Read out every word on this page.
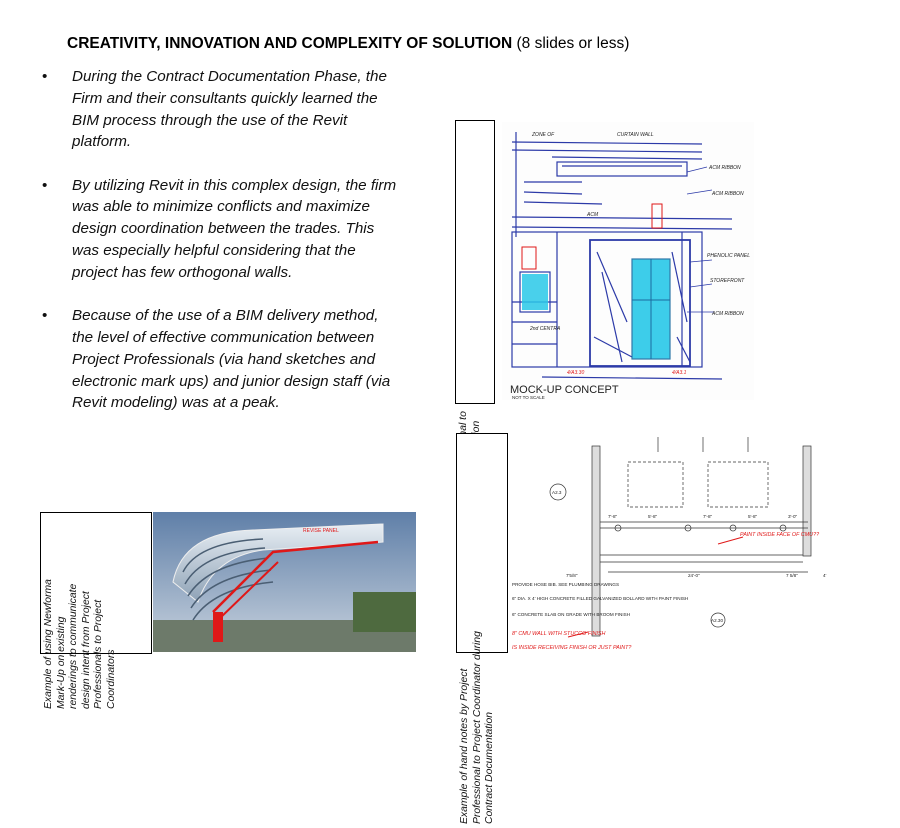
CREATIVITY, INNOVATION AND COMPLEXITY OF SOLUTION (8 slides or less)
• During the Contract Documentation Phase, the Firm and their consultants quickly learned the BIM process through the use of the Revit platform.
• By utilizing Revit in this complex design, the firm was able to minimize conflicts and maximize design coordination between the trades. This was especially helpful considering that the project has few orthogonal walls.
• Because of the use of a BIM delivery method, the level of effective communication between Project Professionals (via hand sketches and electronic mark ups) and junior design staff (via Revit modeling) was at a peak.
Example of hand notes by Project Professional to Project Coordinator during Contract Documentation
Example of using Newforma Mark-Up on existing renderings to communicate design intent from Project Professionals to Project Coordinators
ZONE OF	CURTAIN WALL
ACM RIBBON
ACM
PHENOLIC PANEL
ACM RIBBON
STOREFRONT
ACM RIBBON
2nd CENTRA
4/A3.30	4/A3.1
MOCK-UP CONCEPT
NOT TO SCALE
A2.3
A2.30
7'-8"	5'-8"	7'-8"	5'-8"	3'-0"
24'-0"
7'5/8"	4'
7 5/8"
PROVIDE HOSE BIB. SEE PLUMBING DRAWINGS
6" DIA. X 4' HIGH CONCRETE FILLED GALVANIZED BOLLARD WITH PAINT FINISH
6" CONCRETE SLAB ON GRADE WITH BROOM FINISH
8" CMU WALL WITH STUCCO FINISH
IS INSIDE RECEIVING FINISH OR JUST PAINT?
PAINT INSIDE FACE OF CMU??
REVISE PANEL
